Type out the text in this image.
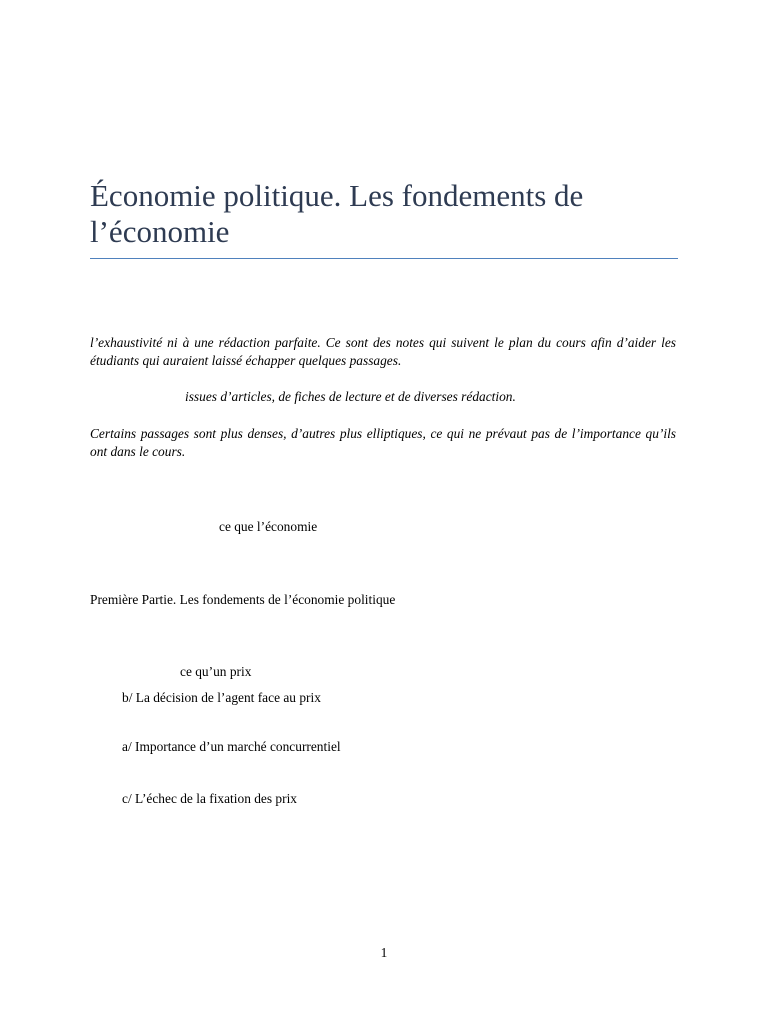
Économie politique. Les fondements de l’économie

l’exhaustivité ni à une rédaction parfaite. Ce sont des notes qui suivent le plan du cours afin d’aider les étudiants qui auraient laissé échapper quelques passages.

issues d’articles, de fiches de lecture et de diverses rédaction.

Certains passages sont plus denses, d’autres plus elliptiques, ce qui ne prévaut pas de l’importance qu’ils ont dans le cours.

ce que l’économie

Première Partie. Les fondements de l’économie politique

ce qu’un prix

b/ La décision de l’agent face au prix

a/ Importance d’un marché concurrentiel

c/ L’échec de la fixation des prix

1
